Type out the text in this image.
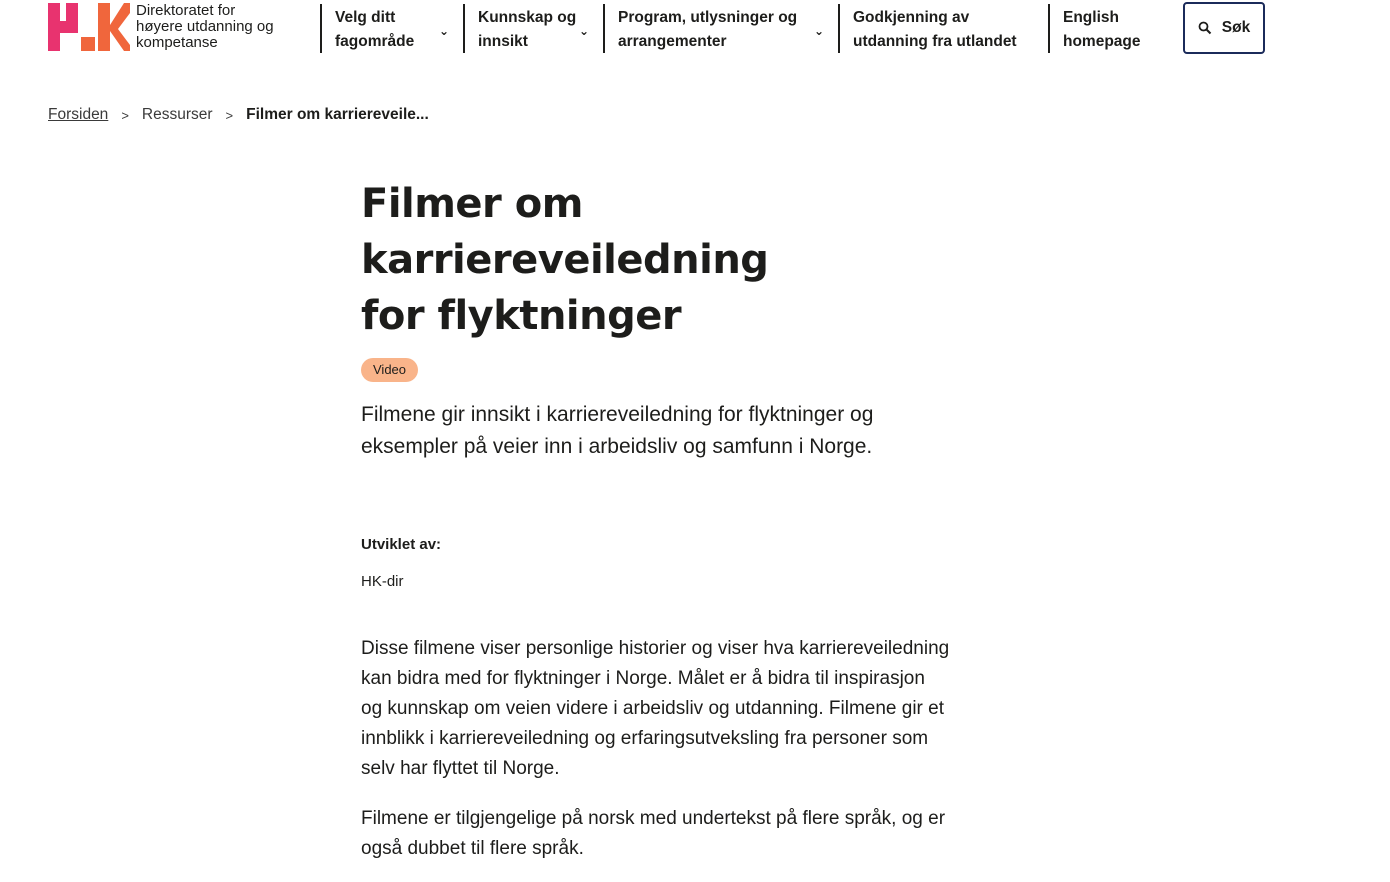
Direktoratet for høyere utdanning og kompetanse
Velg ditt fagområde
⌄
Kunnskap og innsikt
⌄
Program, utlysninger og arrangementer
⌄
Godkjenning av utdanning fra utlandet
English homepage
Søk
Forsiden > Ressurser > Filmer om karriereveile...
Filmer om karriereveiledning for flyktninger
Video

Filmene gir innsikt i karriereveiledning for flyktninger og eksempler på veier inn i arbeidsliv og samfunn i Norge.

Utviklet av:
HK-dir

Disse filmene viser personlige historier og viser hva karriereveiledning kan bidra med for flyktninger i Norge. Målet er å bidra til inspirasjon og kunnskap om veien videre i arbeidsliv og utdanning. Filmene gir et innblikk i karriereveiledning og erfaringsutveksling fra personer som selv har flyttet til Norge.

Filmene er tilgjengelige på norsk med undertekst på flere språk, og er også dubbet til flere språk.
